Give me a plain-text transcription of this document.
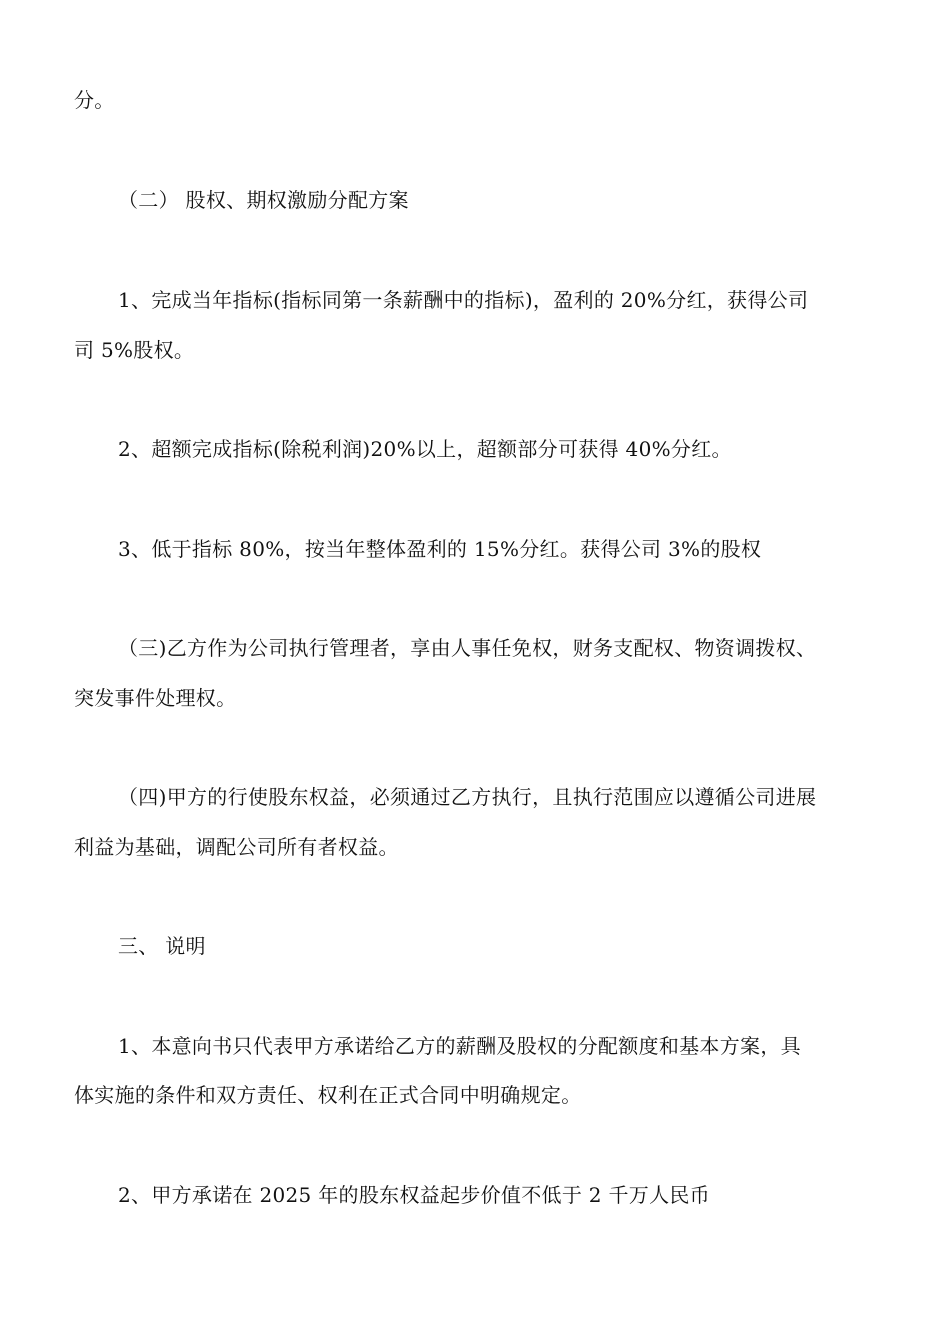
分。
（二） 股权、期权激励分配方案
1、完成当年指标(指标同第一条薪酬中的指标)，盈利的 20%分红，获得公司
司 5%股权。
2、超额完成指标(除税利润)20%以上，超额部分可获得 40%分红。
3、低于指标 80%，按当年整体盈利的 15%分红。获得公司 3%的股权
（三)乙方作为公司执行管理者，享由人事任免权，财务支配权、物资调拨权、
突发事件处理权。
（四)甲方的行使股东权益，必须通过乙方执行，且执行范围应以遵循公司进展
利益为基础，调配公司所有者权益。
三、 说明
1、本意向书只代表甲方承诺给乙方的薪酬及股权的分配额度和基本方案，具
体实施的条件和双方责任、权利在正式合同中明确规定。
2、甲方承诺在 2025 年的股东权益起步价值不低于 2 千万人民币
